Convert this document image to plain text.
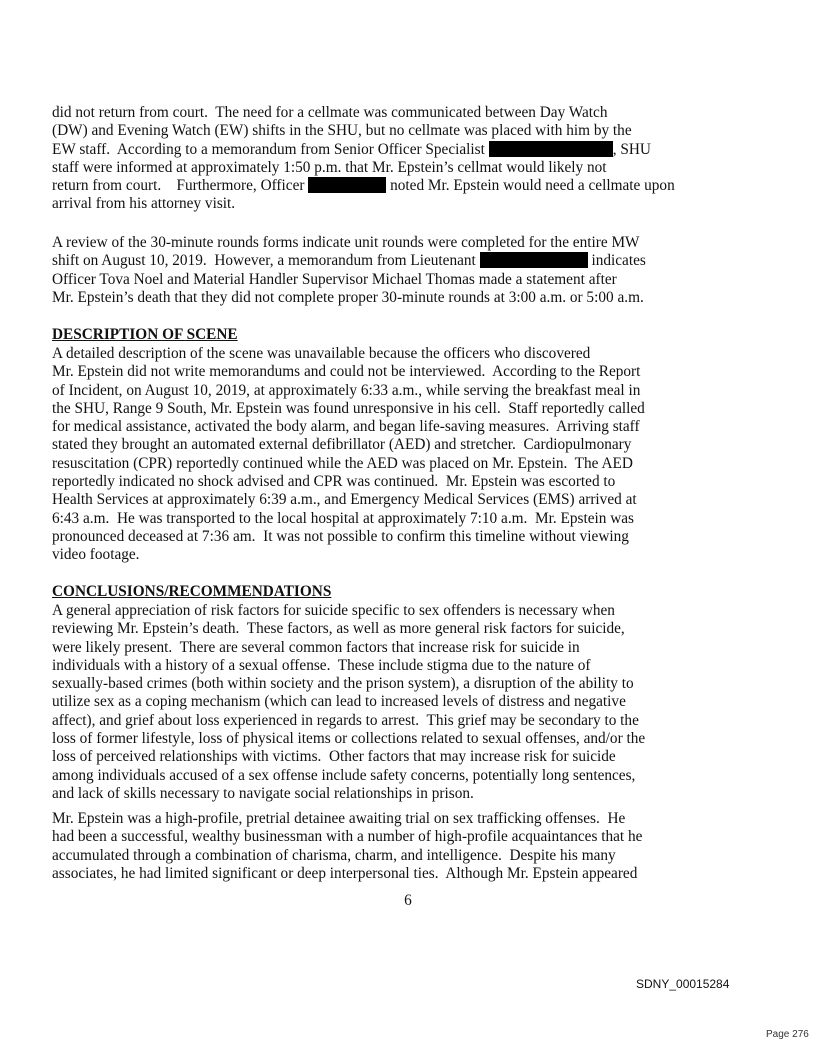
did not return from court.  The need for a cellmate was communicated between Day Watch
(DW) and Evening Watch (EW) shifts in the SHU, but no cellmate was placed with him by the
EW staff.  According to a memorandum from Senior Officer Specialist	, SHU
staff were informed at approximately 1:50 p.m. that Mr. Epstein’s cellmat would likely not
return from court.    Furthermore, Officer	noted Mr. Epstein would need a cellmate upon
arrival from his attorney visit.
A review of the 30-minute rounds forms indicate unit rounds were completed for the entire MW
shift on August 10, 2019.  However, a memorandum from Lieutenant	indicates
Officer Tova Noel and Material Handler Supervisor Michael Thomas made a statement after
Mr. Epstein’s death that they did not complete proper 30-minute rounds at 3:00 a.m. or 5:00 a.m.
DESCRIPTION OF SCENE
A detailed description of the scene was unavailable because the officers who discovered
Mr. Epstein did not write memorandums and could not be interviewed.  According to the Report
of Incident, on August 10, 2019, at approximately 6:33 a.m., while serving the breakfast meal in
the SHU, Range 9 South, Mr. Epstein was found unresponsive in his cell.  Staff reportedly called
for medical assistance, activated the body alarm, and began life-saving measures.  Arriving staff
stated they brought an automated external defibrillator (AED) and stretcher.  Cardiopulmonary
resuscitation (CPR) reportedly continued while the AED was placed on Mr. Epstein.  The AED
reportedly indicated no shock advised and CPR was continued.  Mr. Epstein was escorted to
Health Services at approximately 6:39 a.m., and Emergency Medical Services (EMS) arrived at
6:43 a.m.  He was transported to the local hospital at approximately 7:10 a.m.  Mr. Epstein was
pronounced deceased at 7:36 am.  It was not possible to confirm this timeline without viewing
video footage.
CONCLUSIONS/RECOMMENDATIONS
A general appreciation of risk factors for suicide specific to sex offenders is necessary when
reviewing Mr. Epstein’s death.  These factors, as well as more general risk factors for suicide,
were likely present.  There are several common factors that increase risk for suicide in
individuals with a history of a sexual offense.  These include stigma due to the nature of
sexually-based crimes (both within society and the prison system), a disruption of the ability to
utilize sex as a coping mechanism (which can lead to increased levels of distress and negative
affect), and grief about loss experienced in regards to arrest.  This grief may be secondary to the
loss of former lifestyle, loss of physical items or collections related to sexual offenses, and/or the
loss of perceived relationships with victims.  Other factors that may increase risk for suicide
among individuals accused of a sex offense include safety concerns, potentially long sentences,
and lack of skills necessary to navigate social relationships in prison.
Mr. Epstein was a high-profile, pretrial detainee awaiting trial on sex trafficking offenses.  He
had been a successful, wealthy businessman with a number of high-profile acquaintances that he
accumulated through a combination of charisma, charm, and intelligence.  Despite his many
associates, he had limited significant or deep interpersonal ties.  Although Mr. Epstein appeared
6
SDNY_00015284
Page 276
